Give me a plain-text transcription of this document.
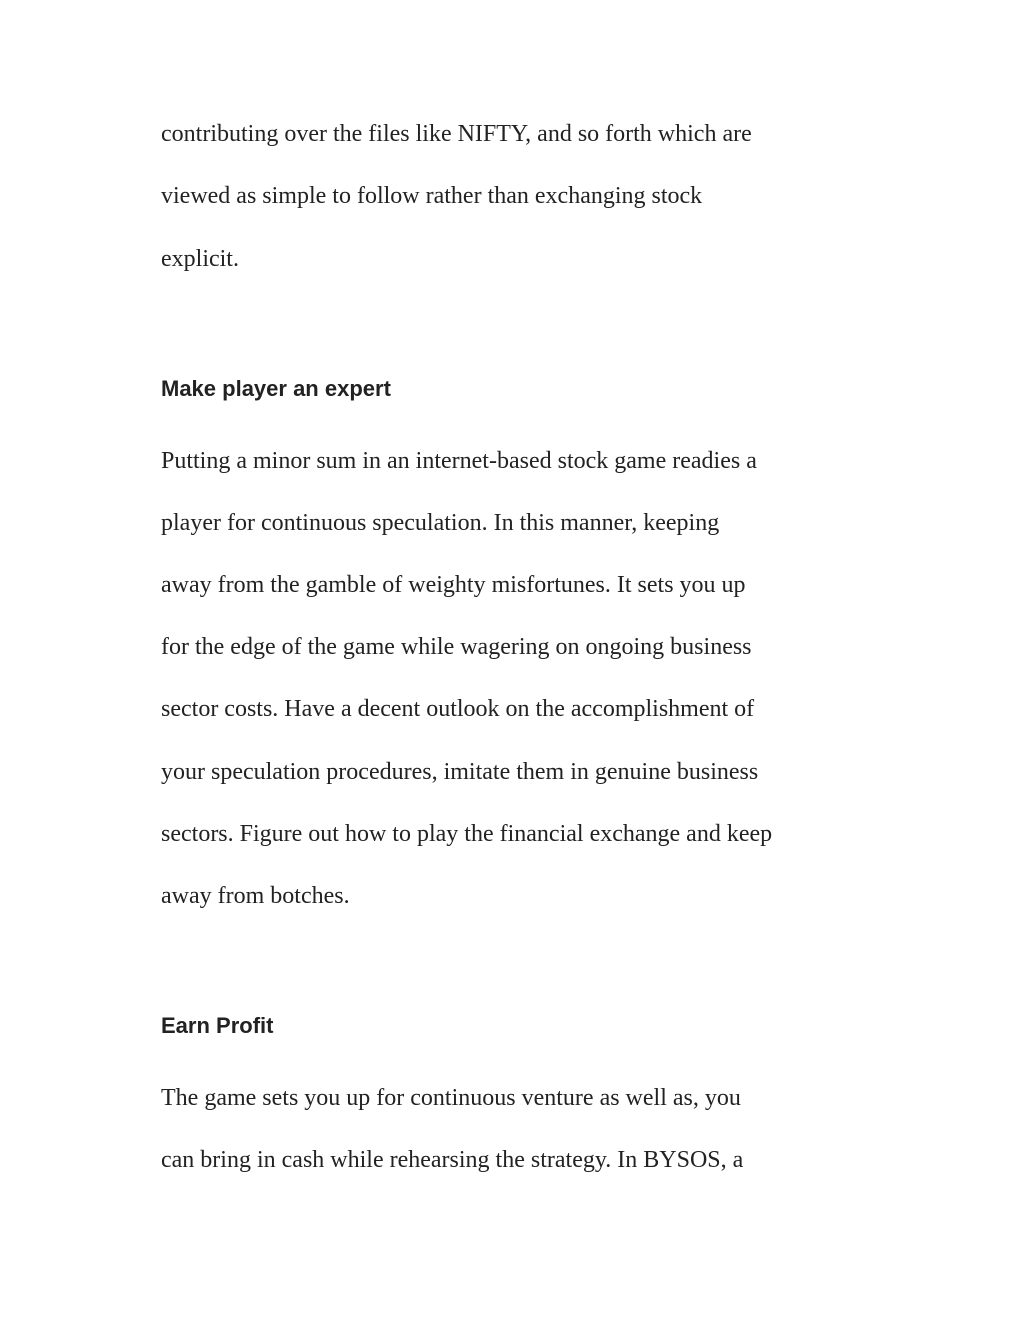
contributing over the files like NIFTY, and so forth which are

viewed as simple to follow rather than exchanging stock

explicit.

Make player an expert

Putting a minor sum in an internet-based stock game readies a

player for continuous speculation. In this manner, keeping

away from the gamble of weighty misfortunes. It sets you up

for the edge of the game while wagering on ongoing business

sector costs. Have a decent outlook on the accomplishment of

your speculation procedures, imitate them in genuine business

sectors. Figure out how to play the financial exchange and keep

away from botches.

Earn Profit

The game sets you up for continuous venture as well as, you

can bring in cash while rehearsing the strategy. In BYSOS, a
